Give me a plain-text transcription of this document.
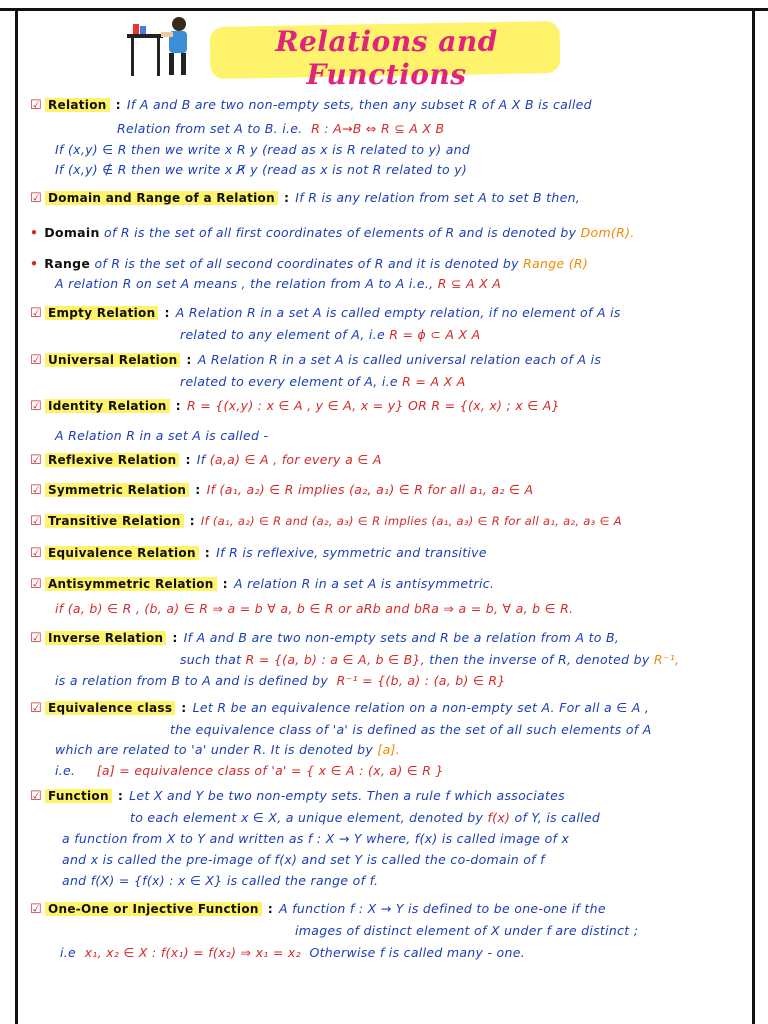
Relations and Functions
☑ Relation : If A and B are two non-empty sets, then any subset R of A X B is called
Relation from set A to B. i.e. R : A→B ⇔ R ⊆ A X B
If (x,y) ∈ R then we write x R y (read as x is R related to y) and
If (x,y) ∉ R then we write x R̸ y (read as x is not R related to y)
☑ Domain and Range of a Relation : If R is any relation from set A to set B then,
• Domain of R is the set of all first coordinates of elements of R and is denoted by Dom(R).
• Range of R is the set of all second coordinates of R and it is denoted by Range (R)
A relation R on set A means , the relation from A to A i.e., R ⊆ A X A
☑ Empty Relation : A Relation R in a set A is called empty relation, if no element of A is
related to any element of A, i.e R = ϕ ⊂ A X A
☑ Universal Relation : A Relation R in a set A is called universal relation each of A is
related to every element of A, i.e R = A X A
☑ Identity Relation : R = {(x,y) : x ∈ A , y ∈ A, x = y} OR R = {(x, x) ; x ∈ A}
A Relation R in a set A is called -
☑ Reflexive Relation : If (a,a) ∈ A , for every a ∈ A
☑ Symmetric Relation : If (a₁, a₂) ∈ R implies (a₂, a₁) ∈ R for all a₁, a₂ ∈ A
☑ Transitive Relation : If (a₁, a₂) ∈ R and (a₂, a₃) ∈ R implies (a₁, a₃) ∈ R for all a₁, a₂, a₃ ∈ A
☑ Equivalence Relation : If R is reflexive, symmetric and transitive
☑ Antisymmetric Relation : A relation R in a set A is antisymmetric.
if (a, b) ∈ R , (b, a) ∈ R ⇒ a = b ∀ a, b ∈ R or aRb and bRa ⇒ a = b, ∀ a, b ∈ R.
☑ Inverse Relation : If A and B are two non-empty sets and R be a relation from A to B,
such that R = {(a, b) : a ∈ A, b ∈ B}, then the inverse of R, denoted by R⁻¹,
is a relation from B to A and is defined by R⁻¹ = {(b, a) : (a, b) ∈ R}
☑ Equivalence class : Let R be an equivalence relation on a non-empty set A. For all a ∈ A ,
the equivalence class of 'a' is defined as the set of all such elements of A
which are related to 'a' under R. It is denoted by [a].
i.e. [a] = equivalence class of 'a' = { x ∈ A : (x, a) ∈ R }
☑ Function : Let X and Y be two non-empty sets. Then a rule f which associates
to each element x ∈ X, a unique element, denoted by f(x) of Y, is called
a function from X to Y and written as f : X → Y where, f(x) is called image of x
and x is called the pre-image of f(x) and set Y is called the co-domain of f
and f(X) = {f(x) : x ∈ X} is called the range of f.
☑ One-One or Injective Function : A function f : X → Y is defined to be one-one if the
images of distinct element of X under f are distinct ;
i.e x₁, x₂ ∈ X : f(x₁) = f(x₂) ⇒ x₁ = x₂ Otherwise f is called many - one.
